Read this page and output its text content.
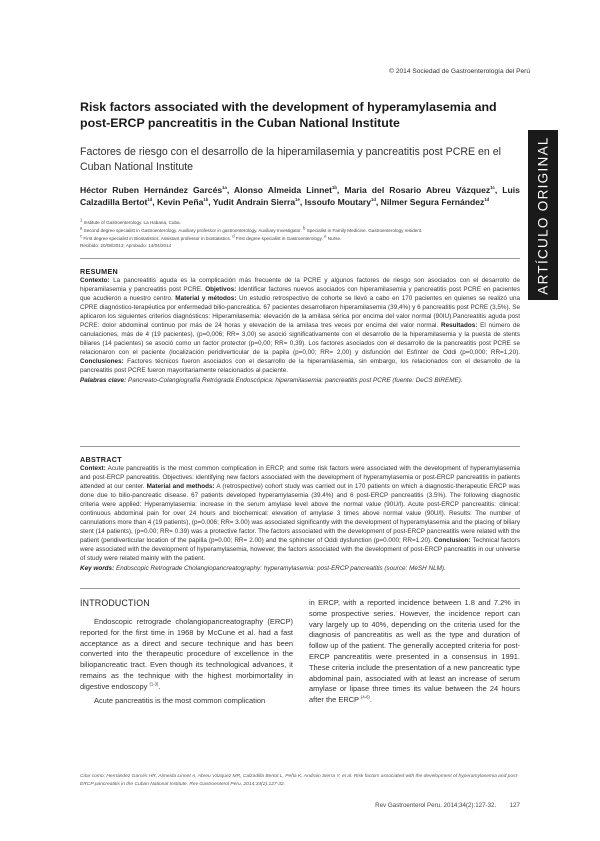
© 2014 Sociedad de Gastroenterología del Perú
Risk factors associated with the development of hyperamylasemia and post-ERCP pancreatitis in the Cuban National Institute
Factores de riesgo con el desarrollo de la hiperamilasemia y pancreatitis post PCRE en el Cuban National Institute	ARTÍCULO ORIGINAL
Héctor Ruben Hernández Garcés$^{1a}$, Alonso Almeida Linnet$^{1b}$, Maria del Rosario Abreu Vázquez$^{1c}$, Luis Calzadilla Bertot$^{1d}$, Kevin Peña$^{1b}$, Yudit Andrain Sierra$^{1e}$, Issoufo Moutary$^{1d}$, Nilmer Segura Fernández$^{1d}$
$^1$ Institute of Gastroenterology. La Habana, Cuba.
$^a$ Second degree specialist in Gastroenterology. Auxiliary professor in gastroenterology. Auxiliary Investigator. $^b$ Specialist in Family Medicine. Gastroenterology resident.
$^c$ First degree specialist in Biostatistics. Assistant professor in biostatistics. $^d$ First degree specialist in Gastroenterology. $^e$ Nurse.
Recibido: 20/08/2013; Aprobado: 14/04/2014
RESUMEN
Contexto: La pancreatitis aguda es la complicación más frecuente de la PCRE y algunos factores de riesgo son asociados con el desarrollo de hiperamilasemia y pancreatitis post PCRE. Objetivos: Identificar factores nuevos asociados con hiperamilasemia y pancreatitis post PCRE en pacientes que acudieron a nuestro centro. Material y métodos: Un estudio retrospectivo de cohorte se llevó a cabo en 170 pacientes en quienes se realizó una CPRE diagnóstico-terapéutica por enfermedad bilio-pancreática. 67 pacientes desarrollaron hiperamilasemia (39,4%) y 6 pancreatitis post PCRE (3,5%). Se aplicaron los siguientes criterios diagnósticos: Hiperamilasemia: elevación de la amilasa sérica por encima del valor normal (90IU).Pancreatitis aguda post PCRE: dolor abdominal continuo por más de 24 horas y elevación de la amilasa tres veces por encima del valor normal. Resultados: El número de canulaciones, más de 4 (19 pacientes), (p=0,006; RR= 3,00) se asoció significativamente con el desarrollo de la hiperamilasemia y la puesta de stents biliares (14 pacientes) se asoció como un factor protector (p=0,00; RR= 0,39). Los factores asociados con el desarrollo de la pancreatitis post PCRE se relacionaron con el paciente (localización peridiverticular de la papila (p=0,00; RR= 2,00) y disfunción del Esfínter de Oddi (p=0,000; RR=1,20). Conclusiones: Factores técnicos fueron asociados con el desarrollo de la hiperamilasemia, sin embargo, los relacionados con el desarrollo de la pancreatitis post PCRE fueron mayoritariamente relacionados al paciente.
Palabras clave: Pancreato-Colangiografía Retrógrada Endoscópica: hiperamilasemia: pancreatitis post PCRE (fuente: DeCS BIREME).
ABSTRACT
Context: Acute pancreatitis is the most common complication in ERCP, and some risk factors were associated with the development of hyperamylasemia and post-ERCP pancreatitis. Objectives: identifying new factors associated with the development of hyperamylasemia or post-ERCP pancreatitis in patients attended at our center. Material and methods: A (retrospective) cohort study was carried out in 170 patients on which a diagnostic-therapeutic ERCP was done due to bilio-pancreatic disease. 67 patients developed hyperamylasemia (39.4%) and 6 post-ERCP pancreatitis (3.5%). The following diagnostic criteria were applied: Hyperamylasemia: increase in the serum amylase level above the normal value (90U/l). Acute post-ERCP pancreatitis: clinical: continuous abdominal pain for over 24 hours and biochemical: elevation of amylase 3 times above normal value (90U/l). Results: The number of cannulations more than 4 (19 patients), (p=0.006; RR= 3.00) was associated significantly with the development of hyperamylasemia and the placing of biliary stent (14 patients), (p=0.00; RR= 0.39) was a protective factor. The factors associated with the development of post-ERCP pancreatitis were related with the patient (peridiverticular location of the papilla (p=0.00; RR= 2.00) and the sphincter of Oddi dysfunction (p=0.000; RR=1.20). Conclusion: Technical factors were associated with the development of hyperamylasemia, however, the factors associated with the development of post-ERCP pancreatitis in our universe of study were related mainly with the patient.
Key words: Endoscopic Retrograde Cholangiopancreatography: hyperamylasemia: post-ERCP pancreatitis (source: MeSH NLM).
INTRODUCTION

Endoscopic retrograde cholangiopancreatography (ERCP) reported for the first time in 1968 by McCune et al. had a fast acceptance as a direct and secure technique and has been converted into the therapeutic procedure of excellence in the biliopancreatic tract. Even though its technological advances, it remains as the technique with the highest morbimortality in digestive endoscopy $^{(1-3)}$.

Acute pancreatitis is the most common complication

in ERCP, with a reported incidence between 1.8 and 7.2% in some prospective series. However, the incidence report can vary largely up to 40%, depending on the criteria used for the diagnosis of pancreatitis as well as the type and duration of follow up of the patient. The generally accepted criteria for post-ERCP pancreatitis were presented in a consensus in 1991. These criteria include the presentation of a new pancreatic type abdominal pain, associated with at least an increase of serum amylase or lipase three times its value between the 24 hours after the ERCP $^{(4-6)}$.

Citar como: Hernández Garcés HR, Almeida Linnet A, Abreu Vázquez MR, Calzadilla Bertot L, Peña K, Andrain Sierra Y, et al. Risk factors associated with the development of hyperamylasemia and post-ERCP pancreatitis in the Cuban National Institute. Rev Gastroenterol Peru. 2014;34(2):127-32.
Rev Gastroenterol Peru. 2014;34(2):127-32. 127
